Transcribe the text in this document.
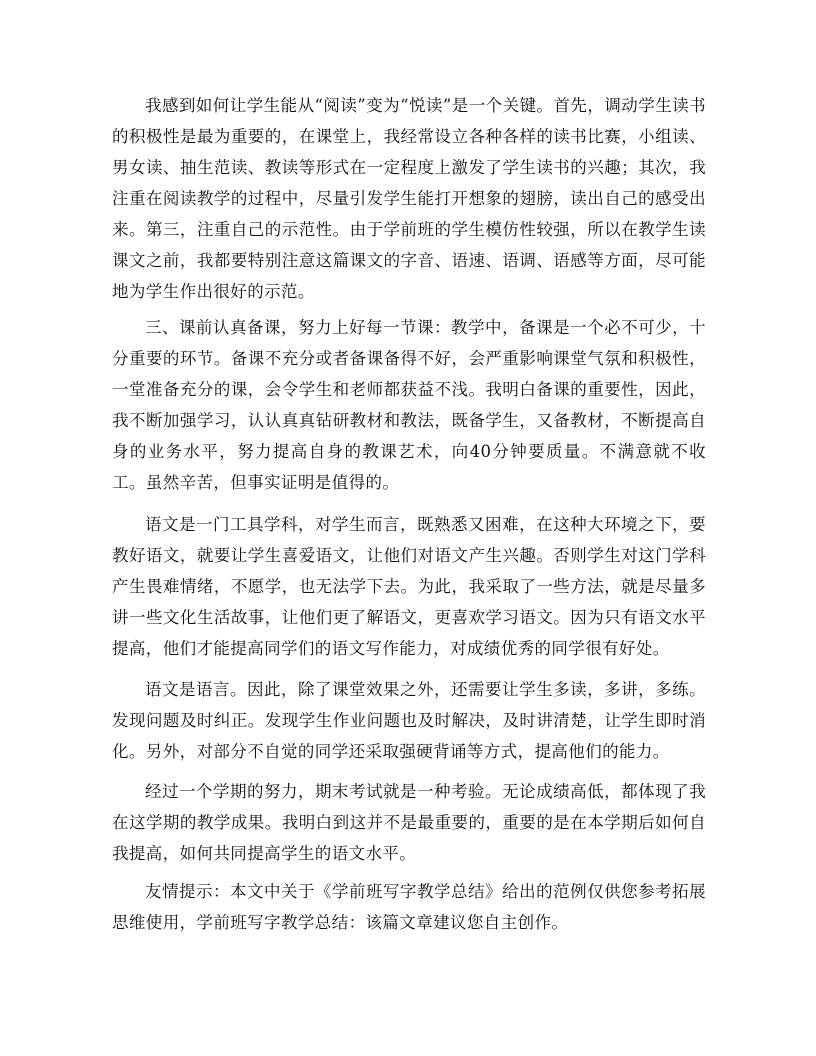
我感到如何让学生能从“阅读”变为“悦读”是一个关键。首先，调动学生读书的积极性是最为重要的，在课堂上，我经常设立各种各样的读书比赛，小组读、男女读、抽生范读、教读等形式在一定程度上激发了学生读书的兴趣；其次，我注重在阅读教学的过程中，尽量引发学生能打开想象的翅膀，读出自己的感受出来。第三，注重自己的示范性。由于学前班的学生模仿性较强，所以在教学生读课文之前，我都要特别注意这篇课文的字音、语速、语调、语感等方面，尽可能地为学生作出很好的示范。

三、课前认真备课，努力上好每一节课：教学中，备课是一个必不可少，十分重要的环节。备课不充分或者备课备得不好，会严重影响课堂气氛和积极性，一堂准备充分的课，会令学生和老师都获益不浅。我明白备课的重要性，因此，我不断加强学习，认认真真钻研教材和教法，既备学生，又备教材，不断提高自身的业务水平，努力提高自身的教课艺术，向40分钟要质量。不满意就不收工。虽然辛苦，但事实证明是值得的。

语文是一门工具学科，对学生而言，既熟悉又困难，在这种大环境之下，要教好语文，就要让学生喜爱语文，让他们对语文产生兴趣。否则学生对这门学科产生畏难情绪，不愿学，也无法学下去。为此，我采取了一些方法，就是尽量多讲一些文化生活故事，让他们更了解语文，更喜欢学习语文。因为只有语文水平提高，他们才能提高同学们的语文写作能力，对成绩优秀的同学很有好处。

语文是语言。因此，除了课堂效果之外，还需要让学生多读，多讲，多练。发现问题及时纠正。发现学生作业问题也及时解决，及时讲清楚，让学生即时消化。另外，对部分不自觉的同学还采取强硬背诵等方式，提高他们的能力。

经过一个学期的努力，期末考试就是一种考验。无论成绩高低，都体现了我在这学期的教学成果。我明白到这并不是最重要的，重要的是在本学期后如何自我提高，如何共同提高学生的语文水平。

友情提示：本文中关于《学前班写字教学总结》给出的范例仅供您参考拓展思维使用，学前班写字教学总结：该篇文章建议您自主创作。
